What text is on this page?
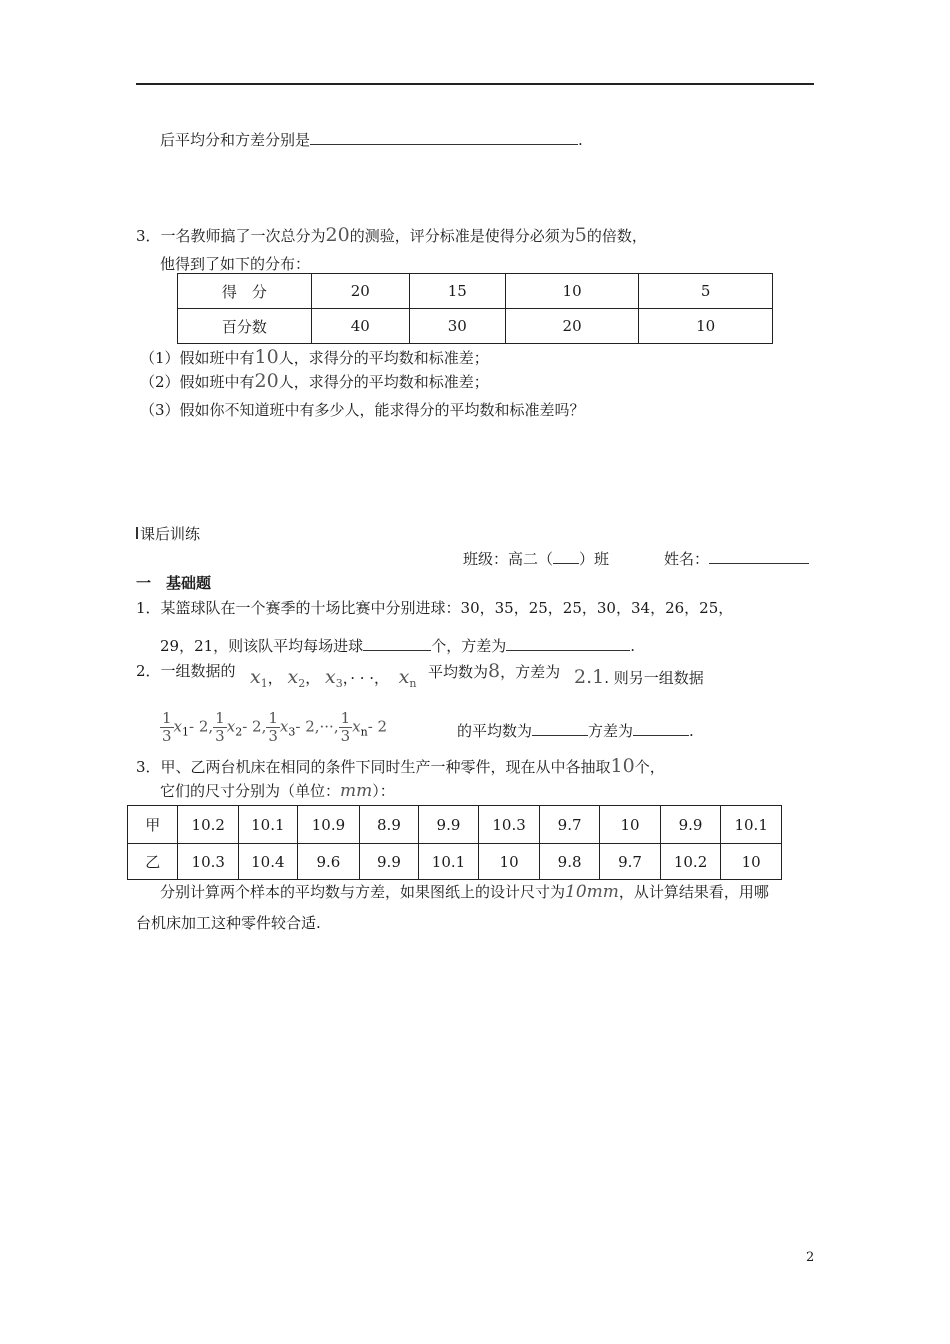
后平均分和方差分别是	.
3．一名教师搞了一次总分为20的测验，评分标准是使得分必须为5的倍数，
他得到了如下的分布：
得　分	20	15	10	5
百分数	40	30	20	10
（1）假如班中有10人，求得分的平均数和标准差；
（2）假如班中有20人，求得分的平均数和标准差；
（3）假如你不知道班中有多少人，能求得分的平均数和标准差吗？
课后训练
班级：高二（ ）班	姓名：
一　基础题
1．某篮球队在一个赛季的十场比赛中分别进球：30，35，25，25，30，34，26，25，
29，21，则该队平均每场进球	个，方差为	.
2．一组数据的 $x_1$， $x_2$， $x_3$，· · ·， $x_n$
平均数为8，方差为 2.1. 则另一组数据
$\frac{1}{3} x_1-$ 2, $\frac{1}{3} x_2-$ 2, $\frac{1}{3} x_3-$ 2,···, $\frac{1}{3} x_n-$ 2	的平均数为	方差为	.
3．甲、乙两台机床在相同的条件下同时生产一种零件，现在从中各抽取10个，
它们的尺寸分别为（单位：mm）：
甲	10.2	10.1	10.9	8.9	9.9	10.3	9.7	10	9.9	10.1
乙	10.3	10.4	9.6	9.9	10.1	10	9.8	9.7	10.2	10
分别计算两个样本的平均数与方差，如果图纸上的设计尺寸为10mm，从计算结果看，用哪
台机床加工这种零件较合适.
2
